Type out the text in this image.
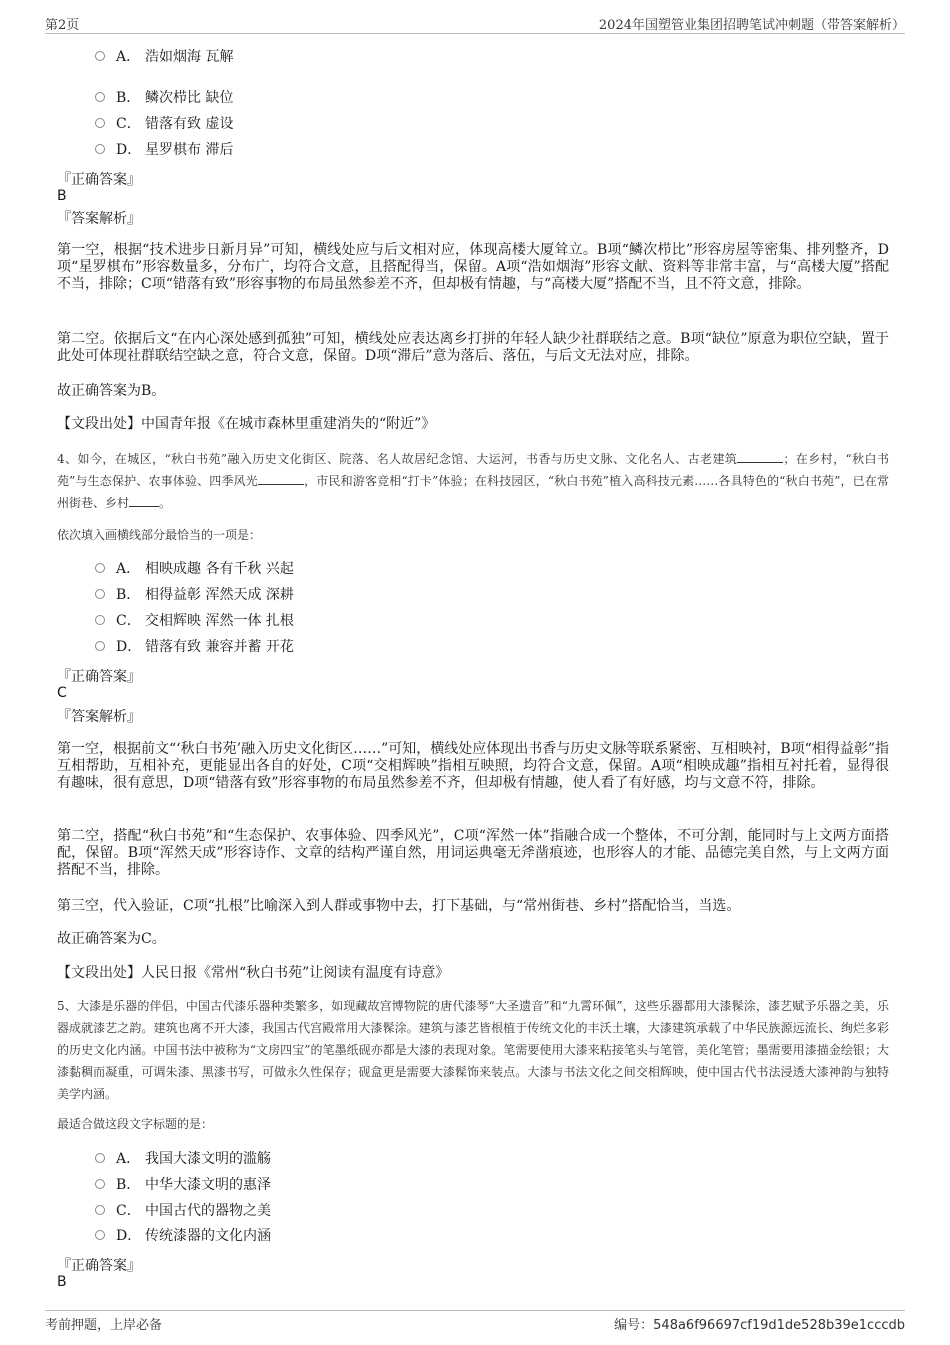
第2页	2024年国塑管业集团招聘笔试冲刺题（带答案解析）
A． 浩如烟海 瓦解
B． 鳞次栉比 缺位
C． 错落有致 虚设
D． 星罗棋布 滞后
『正确答案』
B
『答案解析』
第一空，根据“技术进步日新月异”可知，横线处应与后文相对应，体现高楼大厦耸立。B项“鳞次栉比”形容房屋等密集、排列整齐，D项“星罗棋布”形容数量多，分布广，均符合文意，且搭配得当，保留。A项“浩如烟海”形容文献、资料等非常丰富，与“高楼大厦”搭配不当，排除；C项“错落有致”形容事物的布局虽然参差不齐，但却极有情趣，与“高楼大厦”搭配不当，且不符文意，排除。
第二空。依据后文“在内心深处感到孤独”可知，横线处应表达离乡打拼的年轻人缺少社群联结之意。B项“缺位”原意为职位空缺，置于此处可体现社群联结空缺之意，符合文意，保留。D项“滞后”意为落后、落伍，与后文无法对应，排除。
故正确答案为B。
【文段出处】中国青年报《在城市森林里重建消失的“附近”》
4、如今，在城区，“秋白书苑”融入历史文化街区、院落、名人故居纪念馆、大运河，书香与历史文脉、文化名人、古老建筑	；在乡村，“秋白书苑”与生态保护、农事体验、四季风光	，市民和游客竞相“打卡”体验；在科技园区，“秋白书苑”植入高科技元素……各具特色的“秋白书苑”，已在常州街巷、乡村	。
依次填入画横线部分最恰当的一项是：
A． 相映成趣 各有千秋 兴起
B． 相得益彰 浑然天成 深耕
C． 交相辉映 浑然一体 扎根
D． 错落有致 兼容并蓄 开花
『正确答案』
C
『答案解析』
第一空，根据前文“‘秋白书苑’融入历史文化街区……”可知，横线处应体现出书香与历史文脉等联系紧密、互相映衬，B项“相得益彰”指互相帮助，互相补充，更能显出各自的好处，C项“交相辉映”指相互映照，均符合文意，保留。A项“相映成趣”指相互衬托着，显得很有趣味，很有意思，D项“错落有致”形容事物的布局虽然参差不齐，但却极有情趣，使人看了有好感，均与文意不符，排除。
第二空，搭配“秋白书苑”和“生态保护、农事体验、四季风光”，C项“浑然一体”指融合成一个整体，不可分割，能同时与上文两方面搭配，保留。B项“浑然天成”形容诗作、文章的结构严谨自然，用词运典毫无斧凿痕迹，也形容人的才能、品德完美自然，与上文两方面搭配不当，排除。
第三空，代入验证，C项“扎根”比喻深入到人群或事物中去，打下基础，与“常州街巷、乡村”搭配恰当，当选。
故正确答案为C。
【文段出处】人民日报《常州“秋白书苑”让阅读有温度有诗意》
5、大漆是乐器的伴侣，中国古代漆乐器种类繁多，如现藏故宫博物院的唐代漆琴“大圣遗音”和“九霄环佩”，这些乐器都用大漆髹涂，漆艺赋予乐器之美，乐器成就漆艺之韵。建筑也离不开大漆，我国古代宫殿常用大漆髹涂。建筑与漆艺皆根植于传统文化的丰沃土壤，大漆建筑承载了中华民族源远流长、绚烂多彩的历史文化内涵。中国书法中被称为“文房四宝”的笔墨纸砚亦都是大漆的表现对象。笔需要使用大漆来粘接笔头与笔管，美化笔管；墨需要用漆描金绘银；大漆黏稠而凝重，可调朱漆、黑漆书写，可做永久性保存；砚盒更是需要大漆髹饰来装点。大漆与书法文化之间交相辉映，使中国古代书法浸透大漆神韵与独特美学内涵。
最适合做这段文字标题的是：
A． 我国大漆文明的滥觞
B． 中华大漆文明的惠泽
C． 中国古代的器物之美
D． 传统漆器的文化内涵
『正确答案』
B
考前押题，上岸必备	编号：548a6f96697cf19d1de528b39e1cccdb
